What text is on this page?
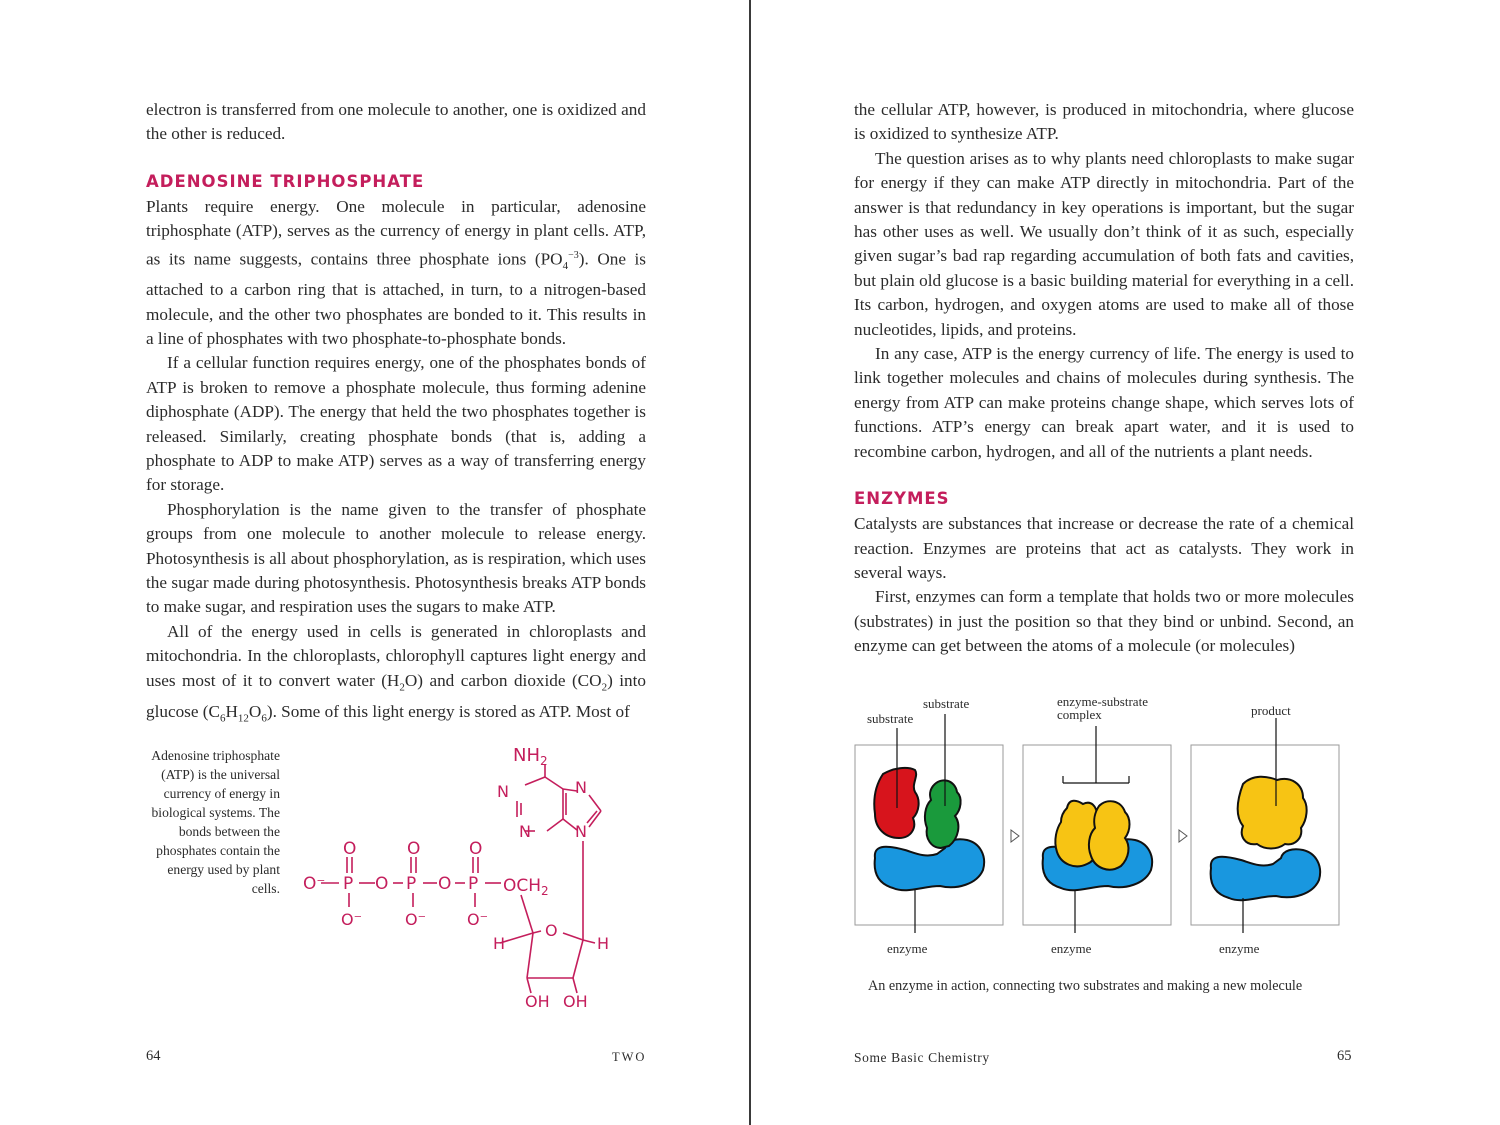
electron is transferred from one molecule to another, one is oxidized and the other is reduced.

ADENOSINE TRIPHOSPHATE

Plants require energy. One molecule in particular, adenosine triphosphate (ATP), serves as the currency of energy in plant cells. ATP, as its name suggests, contains three phosphate ions $(PO_4^{-3})$. One is attached to a carbon ring that is attached, in turn, to a nitrogen-based molecule, and the other two phosphates are bonded to it. This results in a line of phosphates with two phosphate-to-phosphate bonds.

If a cellular function requires energy, one of the phosphates bonds of ATP is broken to remove a phosphate molecule, thus forming adenine diphosphate (ADP). The energy that held the two phosphates together is released. Similarly, creating phosphate bonds (that is, adding a phosphate to ADP to make ATP) serves as a way of transferring energy for storage.

Phosphorylation is the name given to the transfer of phosphate groups from one molecule to another molecule to release energy. Photosynthesis is all about phosphorylation, as is respiration, which uses the sugar made during photosynthesis. Photosynthesis breaks ATP bonds to make sugar, and respiration uses the sugars to make ATP.

All of the energy used in cells is generated in chloroplasts and mitochondria. In the chloroplasts, chlorophyll captures light energy and uses most of it to convert water $(H_2O)$ and carbon dioxide $(CO_2)$ into glucose $(C_6H_{12}O_6)$. Some of this light energy is stored as ATP. Most of

Adenosine triphosphate (ATP) is the universal currency of energy in biological systems. The bonds between the phosphates contain the energy used by plant cells.
$NH_2$
N
N
N
N
O	O	O
O⁻ P O P O P $OCH_2$
O⁻	O⁻	O⁻
O
H	H
OH OH
64	TWO

the cellular ATP, however, is produced in mitochondria, where glucose is oxidized to synthesize ATP.

The question arises as to why plants need chloroplasts to make sugar for energy if they can make ATP directly in mitochondria. Part of the answer is that redundancy in key operations is important, but the sugar has other uses as well. We usually don’t think of it as such, especially given sugar’s bad rap regarding accumulation of both fats and cavities, but plain old glucose is a basic building material for everything in a cell. Its carbon, hydrogen, and oxygen atoms are used to make all of those nucleotides, lipids, and proteins.

In any case, ATP is the energy currency of life. The energy is used to link together molecules and chains of molecules during synthesis. The energy from ATP can make proteins change shape, which serves lots of functions. ATP’s energy can break apart water, and it is used to recombine carbon, hydrogen, and all of the nutrients a plant needs.

ENZYMES

Catalysts are substances that increase or decrease the rate of a chemical reaction. Enzymes are proteins that act as catalysts. They work in several ways.

First, enzymes can form a template that holds two or more molecules (substrates) in just the position so that they bind or unbind. Second, an enzyme can get between the atoms of a molecule (or molecules)

substrate
substrate
enzyme
enzyme-substrate
complex
enzyme
product
enzyme
An enzyme in action, connecting two substrates and making a new molecule
Some Basic Chemistry	65
